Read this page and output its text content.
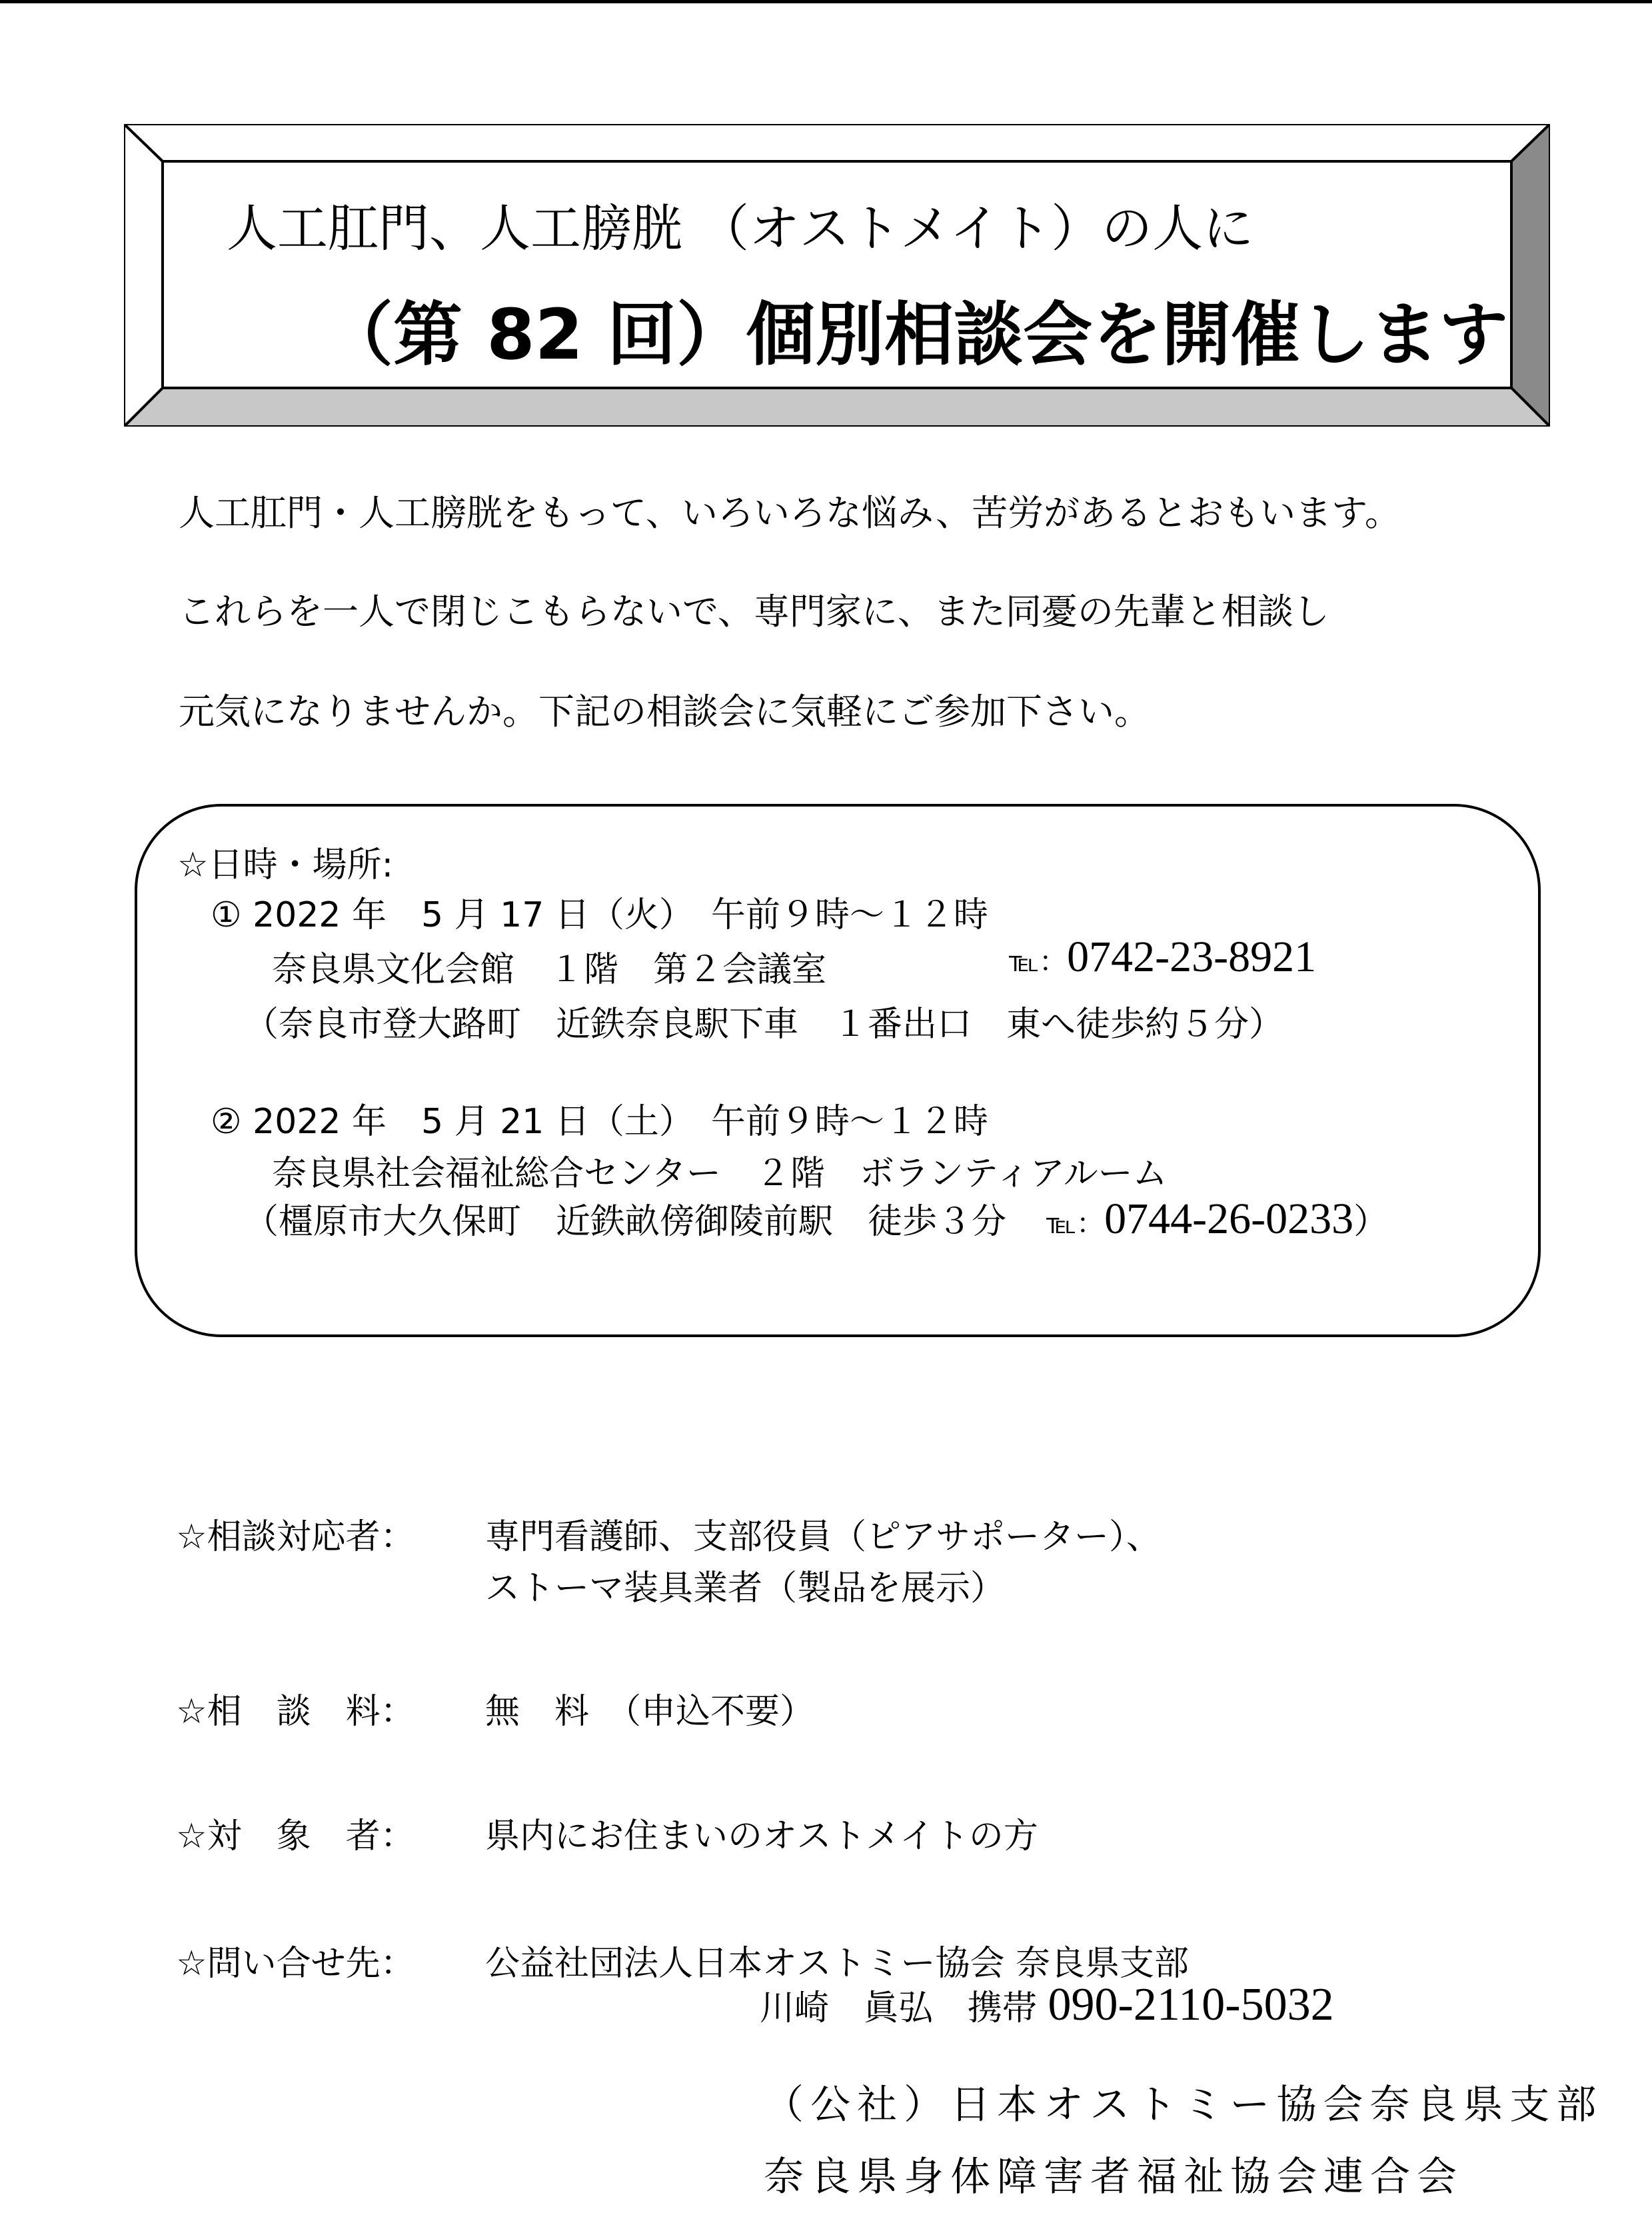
人工肛門、人工膀胱 （オストメイト）の人に
（第 82 回）個別相談会を開催します
人工肛門・人工膀胱をもって、いろいろな悩み、苦労があるとおもいます。
これらを一人で閉じこもらないで、専門家に、また同憂の先輩と相談し
元気になりませんか。下記の相談会に気軽にご参加下さい。
☆日時・場所:
① 2022 年　5 月 17 日（火）　午前９時～１２時
奈良県文化会館　１階　第２会議室	℡：0742-23-8921
（奈良市登大路町　近鉄奈良駅下車　１番出口　東へ徒歩約５分）
② 2022 年　5 月 21 日（土）　午前９時～１２時
奈良県社会福祉総合センター　２階　ボランティアルーム
（橿原市大久保町　近鉄畝傍御陵前駅　徒歩３分 ℡：0744-26-0233）
☆相談対応者： 専門看護師、支部役員（ピアサポーター）、
ストーマ装具業者（製品を展示）
☆相　談　料： 無　料　（申込不要）
☆対　象　者： 県内にお住まいのオストメイトの方
☆問い合せ先： 公益社団法人日本オストミー協会 奈良県支部
川崎　眞弘　携帯 090-2110-5032
（公社）日本オストミー協会奈良県支部
奈良県身体障害者福祉協会連合会
